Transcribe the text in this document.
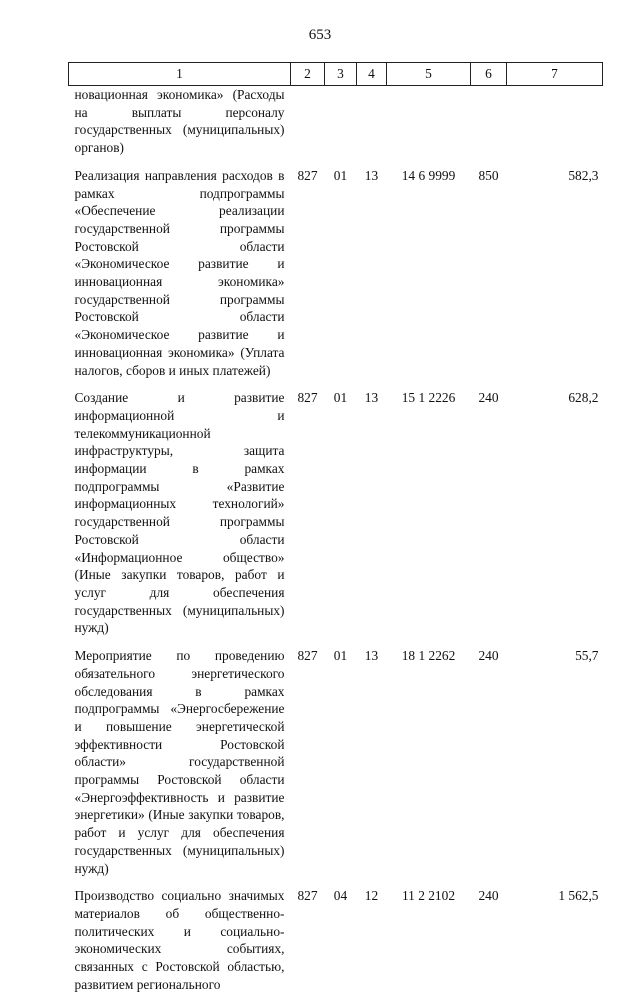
653
1	2	3	4	5	6	7
новационная экономика» (Расходы на выплаты персоналу государственных (муниципальных) органов)						
Реализация направления расходов в рамках подпрограммы «Обеспечение реализации государственной программы Ростовской области «Экономическое развитие и инновационная экономика» государственной программы Ростовской области «Экономическое развитие и инновационная экономика» (Уплата налогов, сборов и иных платежей)	827	01	13	14 6 9999	850	582,3
Создание и развитие информационной и телекоммуникационной инфраструктуры, защита информации в рамках подпрограммы «Развитие информационных технологий» государственной программы Ростовской области «Информационное общество» (Иные закупки товаров, работ и услуг для обеспечения государственных (муниципальных) нужд)	827	01	13	15 1 2226	240	628,2
Мероприятие по проведению обязательного энергетического обследования в рамках подпрограммы «Энергосбережение и повышение энергетической эффективности Ростовской области» государственной программы Ростовской области «Энергоэффективность и развитие энергетики» (Иные закупки товаров, работ и услуг для обеспечения государственных (муниципальных) нужд)	827	01	13	18 1 2262	240	55,7
Производство социально значимых материалов об общественно-политических и социально-экономических событиях, связанных с Ростовской областью, развитием регионального	827	04	12	11 2 2102	240	1 562,5
